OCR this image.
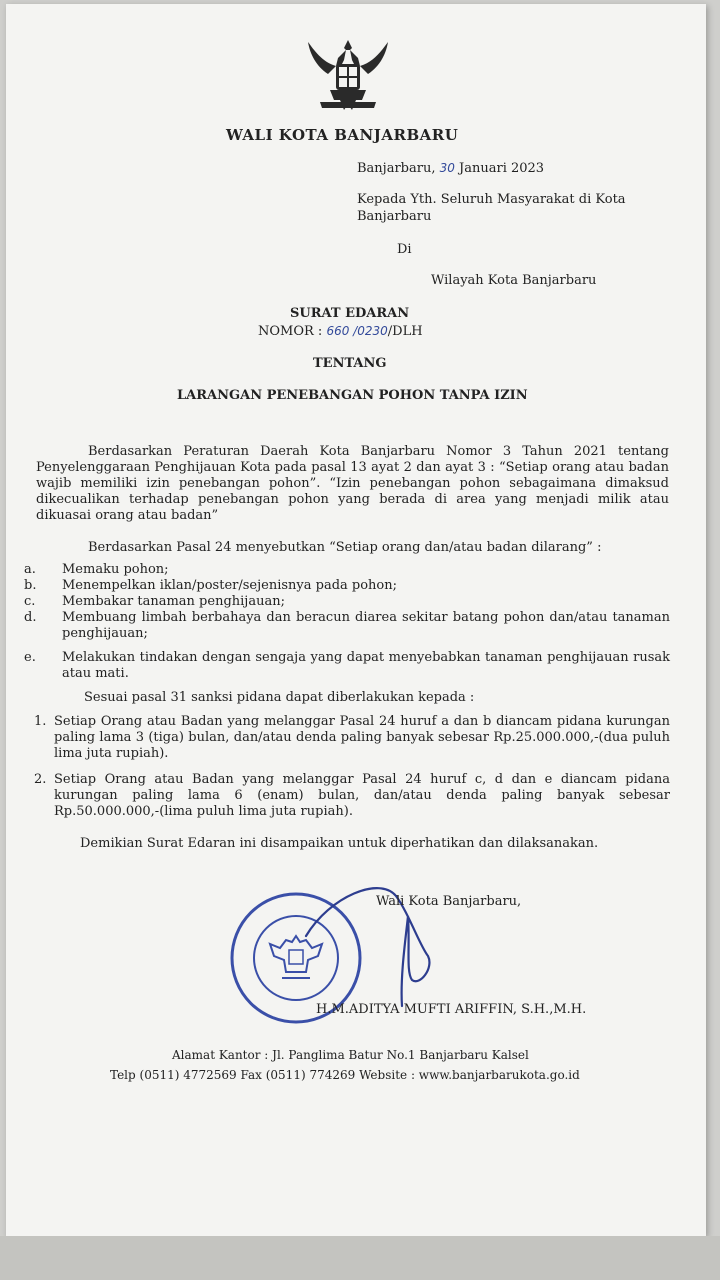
WALI KOTA BANJARBARU
Banjarbaru, 30 Januari 2023
Kepada Yth. Seluruh Masyarakat di Kota
Banjarbaru
Di
Wilayah Kota Banjarbaru
SURAT EDARAN
NOMOR : 660 /0230/DLH
TENTANG
LARANGAN PENEBANGAN POHON TANPA IZIN
Berdasarkan Peraturan Daerah Kota Banjarbaru Nomor 3 Tahun 2021 tentang Penyelenggaraan Penghijauan Kota pada pasal 13 ayat 2 dan ayat 3 : “Setiap orang atau badan wajib memiliki izin penebangan pohon”. “Izin penebangan pohon sebagaimana dimaksud dikecualikan terhadap penebangan pohon yang berada di area yang menjadi milik atau dikuasai orang atau badan”
Berdasarkan Pasal 24 menyebutkan “Setiap orang dan/atau badan dilarang” :
a.	Memaku pohon;
b.	Menempelkan iklan/poster/sejenisnya pada pohon;
c.	Membakar tanaman penghijauan;
d.	Membuang limbah berbahaya dan beracun diarea sekitar batang pohon dan/atau tanaman penghijauan;
e.	Melakukan tindakan dengan sengaja yang dapat menyebabkan tanaman penghijauan rusak atau mati.
Sesuai pasal 31 sanksi pidana dapat diberlakukan kepada :
1. Setiap Orang atau Badan yang melanggar Pasal 24 huruf a dan b diancam pidana kurungan paling lama 3 (tiga) bulan, dan/atau denda paling banyak sebesar Rp.25.000.000,-(dua puluh lima juta rupiah).
2. Setiap Orang atau Badan yang melanggar Pasal 24 huruf c, d dan e diancam pidana kurungan paling lama 6 (enam) bulan, dan/atau denda paling banyak sebesar Rp.50.000.000,-(lima puluh lima juta rupiah).
Demikian Surat Edaran ini disampaikan untuk diperhatikan dan dilaksanakan.
Wali Kota Banjarbaru,
H.M.ADITYA MUFTI ARIFFIN, S.H.,M.H.
Alamat Kantor : Jl. Panglima Batur No.1 Banjarbaru Kalsel
Telp (0511) 4772569 Fax (0511) 774269 Website : www.banjarbarukota.go.id
